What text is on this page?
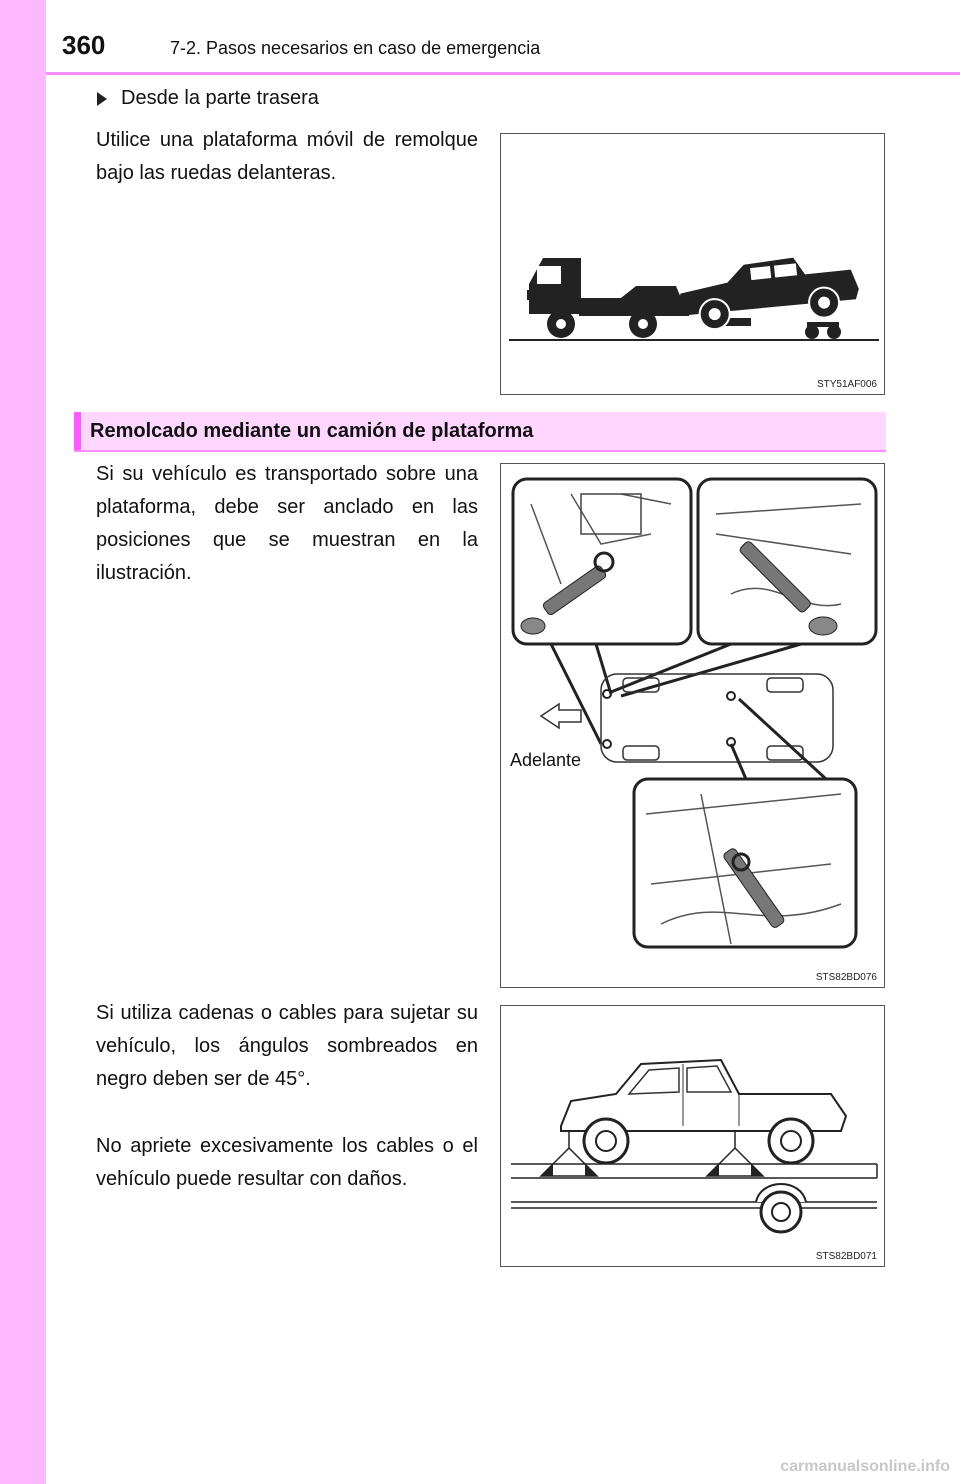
360	7-2. Pasos necesarios en caso de emergencia
Desde la parte trasera
Utilice una plataforma móvil de remolque bajo las ruedas delanteras.
STY51AF006
Remolcado mediante un camión de plataforma
Si su vehículo es transportado sobre una plataforma, debe ser anclado en las posiciones que se muestran en la ilustración.
Adelante
STS82BD076
Si utiliza cadenas o cables para sujetar su vehículo, los ángulos sombreados en negro deben ser de 45°.
No apriete excesivamente los cables o el vehículo puede resultar con daños.
STS82BD071
carmanualsonline.info
